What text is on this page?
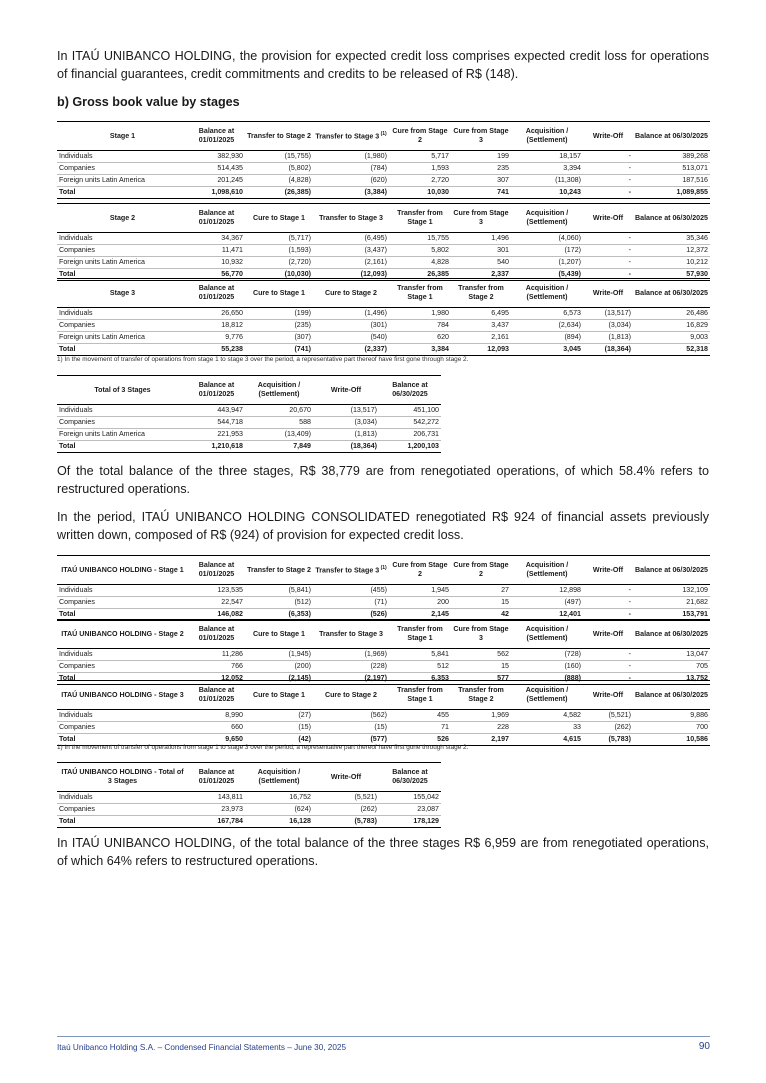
In ITAÚ UNIBANCO HOLDING, the provision for expected credit loss comprises expected credit loss for operations of financial guarantees, credit commitments and credits to be released of R$ (148).

b) Gross book value by stages

Stage 1	Balance at 01/01/2025	Transfer to Stage 2	Transfer to Stage 3 $^{(1)}$	Cure from Stage 2	Cure from Stage 3	Acquisition / (Settlement)	Write-Off	Balance at 06/30/2025
Individuals	382,930	(15,755)	(1,980)	5,717	199	18,157	-	389,268
Companies	514,435	(5,802)	(784)	1,593	235	3,394	-	513,071
Foreign units Latin America	201,245	(4,828)	(620)	2,720	307	(11,308)	-	187,516
Total	1,098,610	(26,385)	(3,384)	10,030	741	10,243	-	1,089,855
Stage 2	Balance at 01/01/2025	Cure to Stage 1	Transfer to Stage 3	Transfer from Stage 1	Cure from Stage 3	Acquisition / (Settlement)	Write-Off	Balance at 06/30/2025
Individuals	34,367	(5,717)	(6,495)	15,755	1,496	(4,060)	-	35,346
Companies	11,471	(1,593)	(3,437)	5,802	301	(172)	-	12,372
Foreign units Latin America	10,932	(2,720)	(2,161)	4,828	540	(1,207)	-	10,212
Total	56,770	(10,030)	(12,093)	26,385	2,337	(5,439)	-	57,930
Stage 3	Balance at 01/01/2025	Cure to Stage 1	Cure to Stage 2	Transfer from Stage 1	Transfer from Stage 2	Acquisition / (Settlement)	Write-Off	Balance at 06/30/2025
Individuals	26,650	(199)	(1,496)	1,980	6,495	6,573	(13,517)	26,486
Companies	18,812	(235)	(301)	784	3,437	(2,634)	(3,034)	16,829
Foreign units Latin America	9,776	(307)	(540)	620	2,161	(894)	(1,813)	9,003
Total	55,238	(741)	(2,337)	3,384	12,093	3,045	(18,364)	52,318

1) In the movement of transfer of operations from stage 1 to stage 3 over the period, a representative part thereof have first gone through stage 2.

Total of 3 Stages	Balance at 01/01/2025	Acquisition / (Settlement)	Write-Off	Balance at 06/30/2025
Individuals	443,947	20,670	(13,517)	451,100
Companies	544,718	588	(3,034)	542,272
Foreign units Latin America	221,953	(13,409)	(1,813)	206,731
Total	1,210,618	7,849	(18,364)	1,200,103

Of the total balance of the three stages, R$ 38,779 are from renegotiated operations, of which 58.4% refers to restructured operations.

In the period, ITAÚ UNIBANCO HOLDING CONSOLIDATED renegotiated R$ 924 of financial assets previously written down, composed of R$ (924) of provision for expected credit loss.

ITAÚ UNIBANCO HOLDING - Stage 1	Balance at 01/01/2025	Transfer to Stage 2	Transfer to Stage 3 $^{(1)}$	Cure from Stage 2	Cure from Stage 2	Acquisition / (Settlement)	Write-Off	Balance at 06/30/2025
Individuals	123,535	(5,841)	(455)	1,945	27	12,898	-	132,109
Companies	22,547	(512)	(71)	200	15	(497)	-	21,682
Total	146,082	(6,353)	(526)	2,145	42	12,401	-	153,791
ITAÚ UNIBANCO HOLDING - Stage 2	Balance at 01/01/2025	Cure to Stage 1	Transfer to Stage 3	Transfer from Stage 1	Cure from Stage 3	Acquisition / (Settlement)	Write-Off	Balance at 06/30/2025
Individuals	11,286	(1,945)	(1,969)	5,841	562	(728)	-	13,047
Companies	766	(200)	(228)	512	15	(160)	-	705
Total	12,052	(2,145)	(2,197)	6,353	577	(888)	-	13,752
ITAÚ UNIBANCO HOLDING - Stage 3	Balance at 01/01/2025	Cure to Stage 1	Cure to Stage 2	Transfer from Stage 1	Transfer from Stage 2	Acquisition / (Settlement)	Write-Off	Balance at 06/30/2025
Individuals	8,990	(27)	(562)	455	1,969	4,582	(5,521)	9,886
Companies	660	(15)	(15)	71	228	33	(262)	700
Total	9,650	(42)	(577)	526	2,197	4,615	(5,783)	10,586

1) In the movement of transfer of operations from stage 1 to stage 3 over the period, a representative part thereof have first gone through stage 2.

ITAÚ UNIBANCO HOLDING - Total of 3 Stages	Balance at 01/01/2025	Acquisition / (Settlement)	Write-Off	Balance at 06/30/2025
Individuals	143,811	16,752	(5,521)	155,042
Companies	23,973	(624)	(262)	23,087
Total	167,784	16,128	(5,783)	178,129

In ITAÚ UNIBANCO HOLDING, of the total balance of the three stages R$ 6,959 are from renegotiated operations, of which 64% refers to restructured operations.

Itaú Unibanco Holding S.A. – Condensed Financial Statements – June 30, 2025	90
